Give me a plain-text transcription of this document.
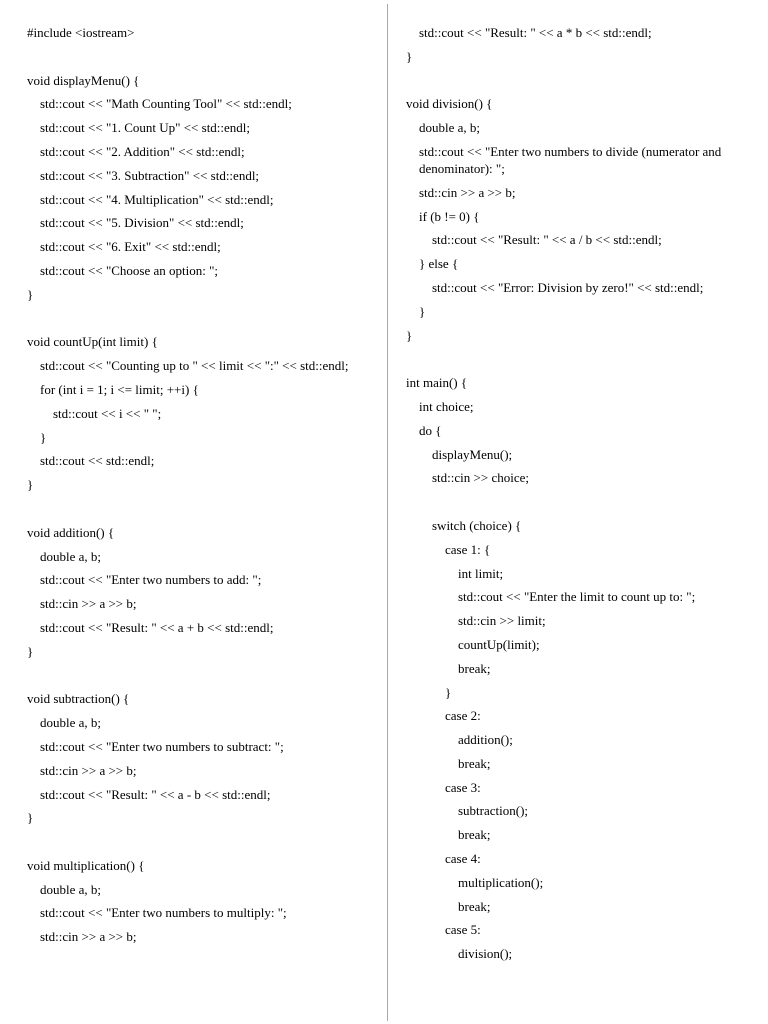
#include <iostream>
void displayMenu() {
std::cout << "Math Counting Tool" << std::endl;
std::cout << "1. Count Up" << std::endl;
std::cout << "2. Addition" << std::endl;
std::cout << "3. Subtraction" << std::endl;
std::cout << "4. Multiplication" << std::endl;
std::cout << "5. Division" << std::endl;
std::cout << "6. Exit" << std::endl;
std::cout << "Choose an option: ";
}
void countUp(int limit) {
std::cout << "Counting up to " << limit << ":" << std::endl;
for (int i = 1; i <= limit; ++i) {
std::cout << i << " ";
}
std::cout << std::endl;
}
void addition() {
double a, b;
std::cout << "Enter two numbers to add: ";
std::cin >> a >> b;
std::cout << "Result: " << a + b << std::endl;
}
void subtraction() {
double a, b;
std::cout << "Enter two numbers to subtract: ";
std::cin >> a >> b;
std::cout << "Result: " << a - b << std::endl;
}
void multiplication() {
double a, b;
std::cout << "Enter two numbers to multiply: ";
std::cin >> a >> b;
std::cout << "Result: " << a * b << std::endl;
}
void division() {
double a, b;
std::cout << "Enter two numbers to divide (numerator and denominator): ";
std::cin >> a >> b;
if (b != 0) {
std::cout << "Result: " << a / b << std::endl;
} else {
std::cout << "Error: Division by zero!" << std::endl;
}
}
int main() {
int choice;
do {
displayMenu();
std::cin >> choice;
switch (choice) {
case 1: {
int limit;
std::cout << "Enter the limit to count up to: ";
std::cin >> limit;
countUp(limit);
break;
}
case 2:
addition();
break;
case 3:
subtraction();
break;
case 4:
multiplication();
break;
case 5:
division();
